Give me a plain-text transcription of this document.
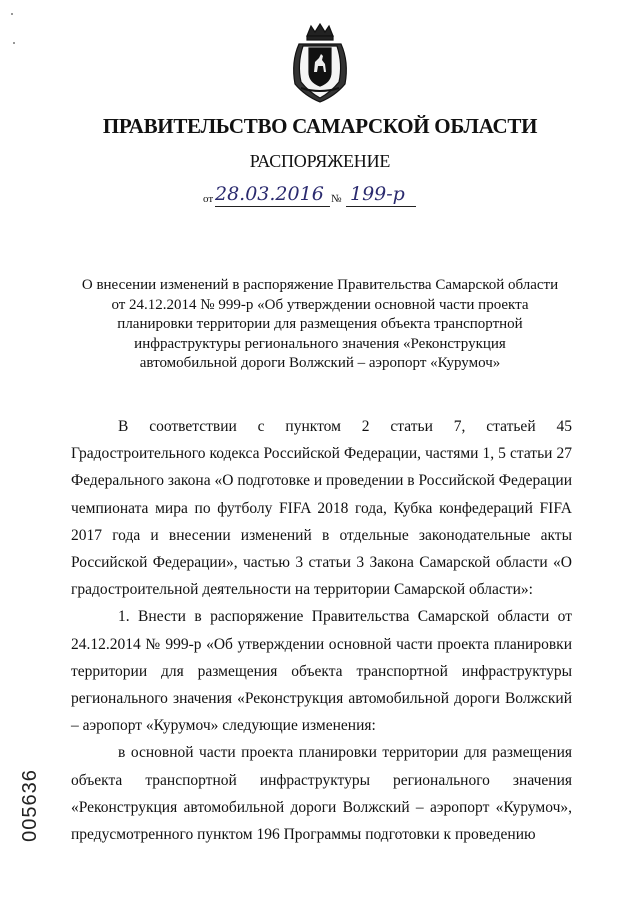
ПРАВИТЕЛЬСТВО САМАРСКОЙ ОБЛАСТИ
РАСПОРЯЖЕНИЕ
от 28.03.2016 № 199-р
О внесении изменений в распоряжение Правительства Самарской области
от 24.12.2014 № 999-р «Об утверждении основной части проекта
планировки территории для размещения объекта транспортной
инфраструктуры регионального значения «Реконструкция
автомобильной дороги Волжский – аэропорт «Курумоч»

В соответствии с пунктом 2 статьи 7, статьей 45 Градостроительного кодекса Российской Федерации, частями 1, 5 статьи 27 Федерального закона «О подготовке и проведении в Российской Федерации чемпионата мира по футболу FIFA 2018 года, Кубка конфедераций FIFA 2017 года и внесении изменений в отдельные законодательные акты Российской Федерации», частью 3 статьи 3 Закона Самарской области «О градостроительной деятельности на территории Самарской области»:

1. Внести в распоряжение Правительства Самарской области от 24.12.2014 № 999-р «Об утверждении основной части проекта планировки территории для размещения объекта транспортной инфраструктуры регионального значения «Реконструкция автомобильной дороги Волжский – аэропорт «Курумоч» следующие изменения:

в основной части проекта планировки территории для размещения объекта транспортной инфраструктуры регионального значения «Реконструкция автомобильной дороги Волжский – аэропорт «Курумоч», предусмотренного пунктом 196 Программы подготовки к проведению

005636
